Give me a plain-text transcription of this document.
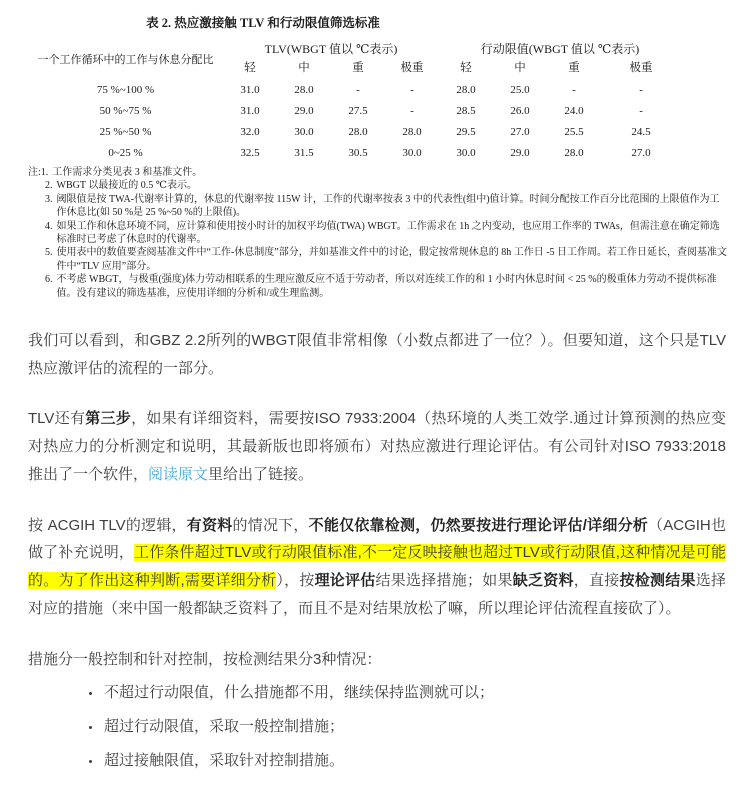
表 2. 热应激接触 TLV 和行动限值筛选标准
一个工作循环中的工作与休息分配比	TLV(WBGT 值以 ℃表示)				行动限值(WBGT 值以 ℃表示)			
	轻	中	重	极重	轻	中	重	极重
75 %~100 %	31.0	28.0	-	-	28.0	25.0	-	-
50 %~75 %	31.0	29.0	27.5	-	28.5	26.0	24.0	-
25 %~50 %	32.0	30.0	28.0	28.0	29.5	27.0	25.5	24.5
0~25 %	32.5	31.5	30.5	30.0	30.0	29.0	28.0	27.0
注:1. 工作需求分类见表 3 和基准文件。
2. WBGT 以最接近的 0.5 ℃表示。
3. 阈限值是按 TWA-代谢率计算的，休息的代谢率按 115W 计，工作的代谢率按表 3 中的代表性(组中)值计算。时间分配按工作百分比范围的上限值作为工作休息比(如 50 %是 25 %~50 %的上限值)。
4. 如果工作和休息环境不同，应计算和使用按小时计的加权平均值(TWA) WBGT。工作需求在 1h 之内变动，也应用工作率的 TWAs，但需注意在确定筛选标准时已考虑了休息时的代谢率。
5. 使用表中的数值要查阅基准文件中“工作-休息制度”部分，并如基准文件中的讨论，假定按常规休息的 8h 工作日 -5 日工作周。若工作日延长，查阅基准文件中“TLV 应用”部分。
6. 不考虑 WBGT，与极重(强度)体力劳动相联系的生理应激反应不适于劳动者，所以对连续工作的和 1 小时内休息时间 < 25 %的极重体力劳动不提供标准值。没有建议的筛选基准，应使用详细的分析和/或生理监测。

我们可以看到，和GBZ 2.2所列的WBGT限值非常相像（小数点都进了一位？）。但要知道，这个只是TLV热应激评估的流程的一部分。

TLV还有第三步，如果有详细资料，需要按ISO 7933:2004（热环境的人类工效学.通过计算预测的热应变对热应力的分析测定和说明，其最新版也即将颁布）对热应激进行理论评估。有公司针对ISO 7933:2018推出了一个软件，阅读原文里给出了链接。

按 ACGIH TLV的逻辑，有资料的情况下，不能仅依靠检测，仍然要按进行理论评估/详细分析（ACGIH也做了补充说明，工作条件超过TLV或行动限值标准,不一定反映接触也超过TLV或行动限值,这种情况是可能的。为了作出这种判断,需要详细分析），按理论评估结果选择措施；如果缺乏资料，直接按检测结果选择对应的措施（来中国一般都缺乏资料了，而且不是对结果放松了嘛，所以理论评估流程直接砍了）。

措施分一般控制和针对控制，按检测结果分3种情况：

• 不超过行动限值，什么措施都不用，继续保持监测就可以；
• 超过行动限值，采取一般控制措施；
• 超过接触限值，采取针对控制措施。
